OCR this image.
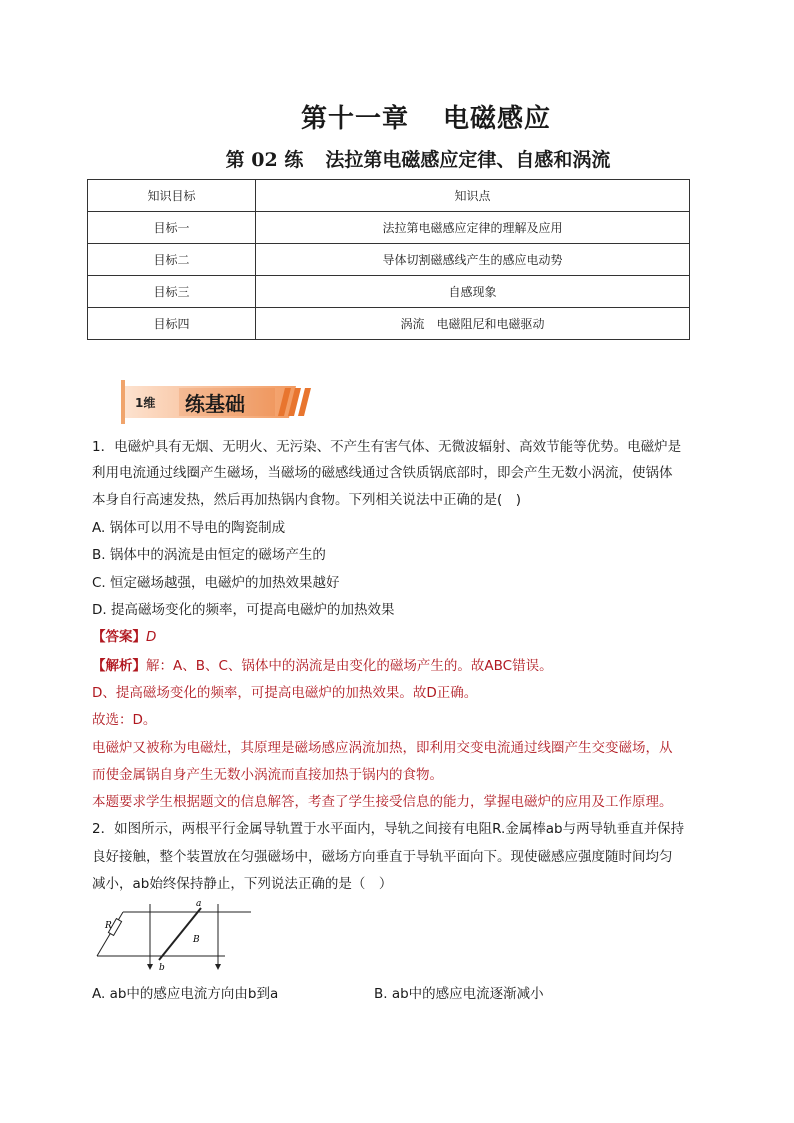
第十一章 电磁感应
第 02 练 法拉第电磁感应定律、自感和涡流
知识目标	知识点
目标一	法拉第电磁感应定律的理解及应用
目标二	导体切割磁感线产生的感应电动势
目标三	自感现象
目标四	涡流　电磁阻尼和电磁驱动
1维 练基础
1．电磁炉具有无烟、无明火、无污染、不产生有害气体、无微波辐射、高效节能等优势。电磁炉是
利用电流通过线圈产生磁场，当磁场的磁感线通过含铁质锅底部时，即会产生无数小涡流，使锅体
本身自行高速发热，然后再加热锅内食物。下列相关说法中正确的是(　)
A. 锅体可以用不导电的陶瓷制成
B. 锅体中的涡流是由恒定的磁场产生的
C. 恒定磁场越强，电磁炉的加热效果越好
D. 提高磁场变化的频率，可提高电磁炉的加热效果
【答案】D
【解析】解：A、B、C、锅体中的涡流是由变化的磁场产生的。故ABC错误。
D、提高磁场变化的频率，可提高电磁炉的加热效果。故D正确。
故选：D。
电磁炉又被称为电磁灶，其原理是磁场感应涡流加热，即利用交变电流通过线圈产生交变磁场，从
而使金属锅自身产生无数小涡流而直接加热于锅内的食物。
本题要求学生根据题文的信息解答，考查了学生接受信息的能力，掌握电磁炉的应用及工作原理。
2．如图所示，两根平行金属导轨置于水平面内，导轨之间接有电阻R.金属棒ab与两导轨垂直并保持
良好接触，整个装置放在匀强磁场中，磁场方向垂直于导轨平面向下。现使磁感应强度随时间均匀
减小，ab始终保持静止，下列说法正确的是（　）
A. ab中的感应电流方向由b到a	B. ab中的感应电流逐渐减小
R
a
b
B
